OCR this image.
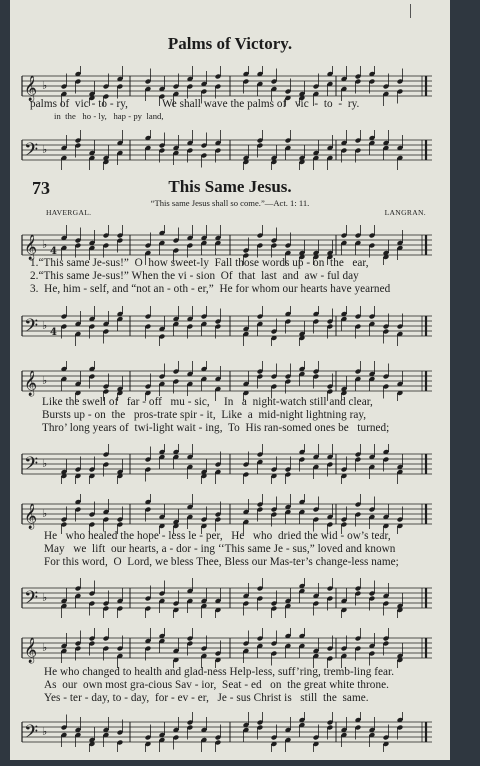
Palms of Victory.
𝄞 ♭
palms of  vic - to - ry,            We shall wave the palms of   vic  -  to  -  ry.
in  the   ho - ly,   hap - py  land,
𝄢 ♭
73	This Same Jesus.
“This same Jesus shall so come.”—Act. 1: 11.
HAVERGAL.	LANGRAN.
𝄞 ♭
4
1.“This same Je-sus!”  O  how sweet-ly  Fall those words up - on  the   ear,
2.“This same Je-sus!” When the vi - sion  Of  that  last  and  aw - ful day
3.  He, him - self, and “not an - oth - er,”  He for whom our hearts have yearned
𝄢 ♭
4
𝄞 ♭
Like the swell of   far - off   mu - sic,     In   a  night-watch still and clear,
Bursts up - on  the   pros-trate spir - it,  Like  a  mid-night lightning ray,
Thro’ long years of  twi-light wait - ing,  To  His ran-somed ones be   turned;
𝄢 ♭
𝄞 ♭
He   who healed the hope - less le - per,   He   who  dried the wid - ow’s tear,
May   we  lift  our hearts, a - dor - ing ‘‘This same Je - sus,” loved and known
For this word,  O  Lord, we bless Thee, Bless our Mas-ter’s change-less name;
𝄢 ♭
𝄞 ♭
He who changed to health and glad-ness Help-less, suff’ring, tremb-ling fear.
As  our  own most gra-cious Sav - ior,  Seat - ed   on  the great white throne.
Yes - ter - day, to - day,  for - ev - er,   Je - sus Christ is   still  the  same.
𝄢 ♭
